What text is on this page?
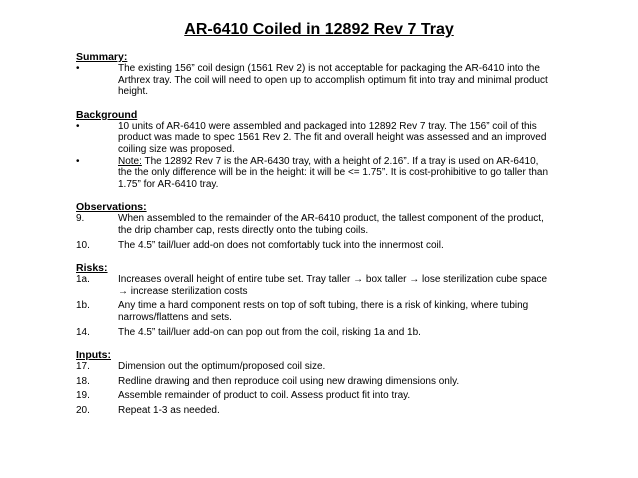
AR-6410 Coiled in 12892 Rev 7 Tray
Summary:
•	The existing 156” coil design (1561 Rev 2) is not acceptable for packaging the AR-6410 into the Arthrex tray. The coil will need to open up to accomplish optimum fit into tray and minimal product height.
Background
•	10 units of AR-6410 were assembled and packaged into 12892 Rev 7 tray. The 156” coil of this product was made to spec 1561 Rev 2. The fit and overall height was assessed and an improved coiling size was proposed.
•	Note: The 12892 Rev 7 is the AR-6430 tray, with a height of 2.16”. If a tray is used on AR-6410, the the only difference will be in the height: it will be <= 1.75”. It is cost-prohibitive to go taller than 1.75” for AR-6410 tray.
Observations:
9.	When assembled to the remainder of the AR-6410 product, the tallest component of the product, the drip chamber cap, rests directly onto the tubing coils.
10.	The 4.5” tail/luer add-on does not comfortably tuck into the innermost coil.
Risks:
1a.	Increases overall height of entire tube set. Tray taller → box taller → lose sterilization cube space → increase sterilization costs
1b.	Any time a hard component rests on top of soft tubing, there is a risk of kinking, where tubing narrows/flattens and sets.
14.	The 4.5” tail/luer add-on can pop out from the coil, risking 1a and 1b.
Inputs:
17.	Dimension out the optimum/proposed coil size.
18.	Redline drawing and then reproduce coil using new drawing dimensions only.
19.	Assemble remainder of product to coil. Assess product fit into tray.
20.	Repeat 1-3 as needed.
